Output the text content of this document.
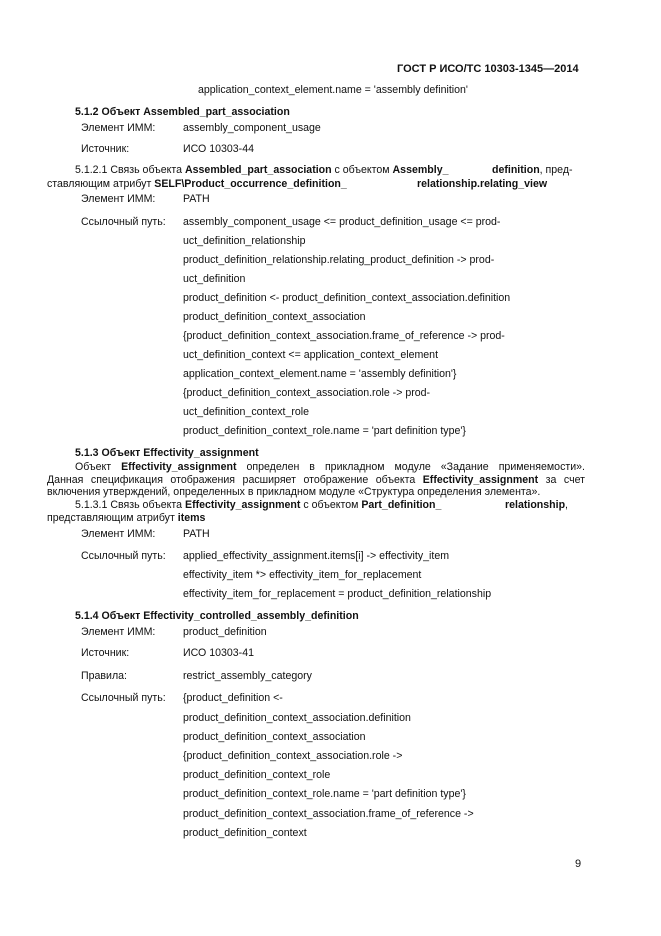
ГОСТ Р ИСО/ТС 10303-1345—2014
application_context_element.name = 'assembly definition'
5.1.2 Объект Assembled_part_association
Элемент ИММ:	assembly_component_usage
Источник:	ИСО 10303-44
5.1.2.1 Связь объекта Assembled_part_association с объектом Assembly_	definition, пред-
ставляющим атрибут SELF\Product_occurrence_definition_	relationship.relating_view
Элемент ИММ:	PATH
Ссылочный путь: assembly_component_usage <= product_definition_usage <= prod-
uct_definition_relationship
product_definition_relationship.relating_product_definition -> prod-
uct_definition
product_definition <- product_definition_context_association.definition
product_definition_context_association
{product_definition_context_association.frame_of_reference -> prod-
uct_definition_context <= application_context_element
application_context_element.name = 'assembly definition'}
{product_definition_context_association.role -> prod-
uct_definition_context_role
product_definition_context_role.name = 'part definition type'}
5.1.3 Объект Effectivity_assignment
Объект Effectivity_assignment определен в прикладном модуле «Задание применяемости».
Данная спецификация отображения расширяет отображение объекта Effectivity_assignment за счет
включения утверждений, определенных в прикладном модуле «Структура определения элемента».
5.1.3.1 Связь объекта Effectivity_assignment с объектом Part_definition_	relationship,
представляющим атрибут items
Элемент ИММ:	PATH
Ссылочный путь: applied_effectivity_assignment.items[i] -> effectivity_item
effectivity_item *> effectivity_item_for_replacement
effectivity_item_for_replacement = product_definition_relationship
5.1.4 Объект Effectivity_controlled_assembly_definition
Элемент ИММ:	product_definition
Источник:	ИСО 10303-41
Правила:	restrict_assembly_category
Ссылочный путь: {product_definition <-
product_definition_context_association.definition
product_definition_context_association
{product_definition_context_association.role ->
product_definition_context_role
product_definition_context_role.name = 'part definition type'}
product_definition_context_association.frame_of_reference ->
product_definition_context
9
